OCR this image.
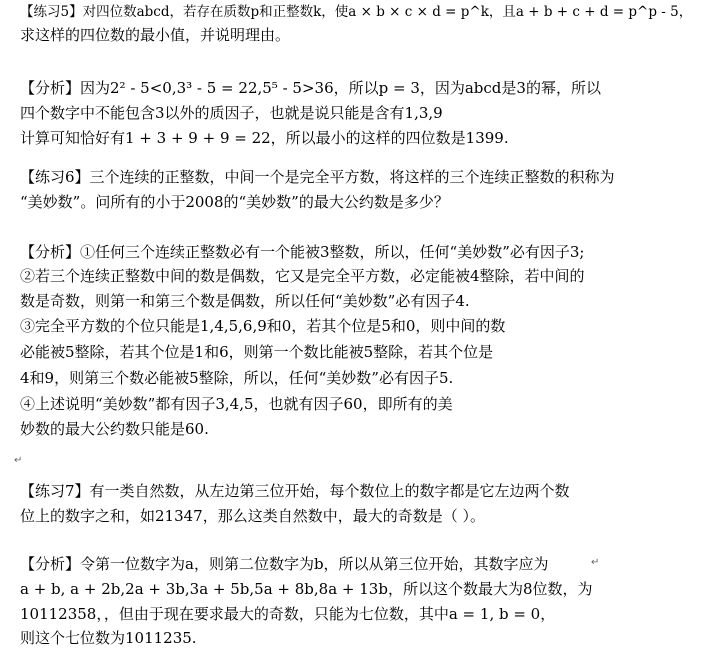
【练习5】对四位数abcd，若存在质数p和正整数k，使a × b × c × d = p^k，且a + b + c + d = p^p - 5，
求这样的四位数的最小值，并说明理由。
【分析】因为2² - 5<0,3³ - 5 = 22,5⁵ - 5>36，所以p = 3，因为abcd是3的幂，所以
四个数字中不能包含3以外的质因子，也就是说只能是含有1,3,9
计算可知恰好有1 + 3 + 9 + 9 = 22，所以最小的这样的四位数是1399.
【练习6】三个连续的正整数，中间一个是完全平方数，将这样的三个连续正整数的积称为
“美妙数”。问所有的小于2008的“美妙数”的最大公约数是多少？
【分析】①任何三个连续正整数必有一个能被3整数，所以，任何“美妙数”必有因子3;
②若三个连续正整数中间的数是偶数，它又是完全平方数，必定能被4整除，若中间的
数是奇数，则第一和第三个数是偶数，所以任何“美妙数”必有因子4.
③完全平方数的个位只能是1,4,5,6,9和0，若其个位是5和0，则中间的数
必能被5整除，若其个位是1和6，则第一个数比能被5整除，若其个位是
4和9，则第三个数必能被5整除，所以，任何“美妙数”必有因子5.
④上述说明“美妙数”都有因子3,4,5，也就有因子60，即所有的美
妙数的最大公约数只能是60.
↵
【练习7】有一类自然数，从左边第三位开始，每个数位上的数字都是它左边两个数
位上的数字之和，如21347，那么这类自然数中，最大的奇数是（ ）。
【分析】令第一位数字为a，则第二位数字为b，所以从第三位开始，其数字应为	↵
a + b, a + 2b,2a + 3b,3a + 5b,5a + 8b,8a + 13b，所以这个数最大为8位数，为
10112358，，但由于现在要求最大的奇数，只能为七位数，其中a = 1, b = 0，
则这个七位数为1011235.
